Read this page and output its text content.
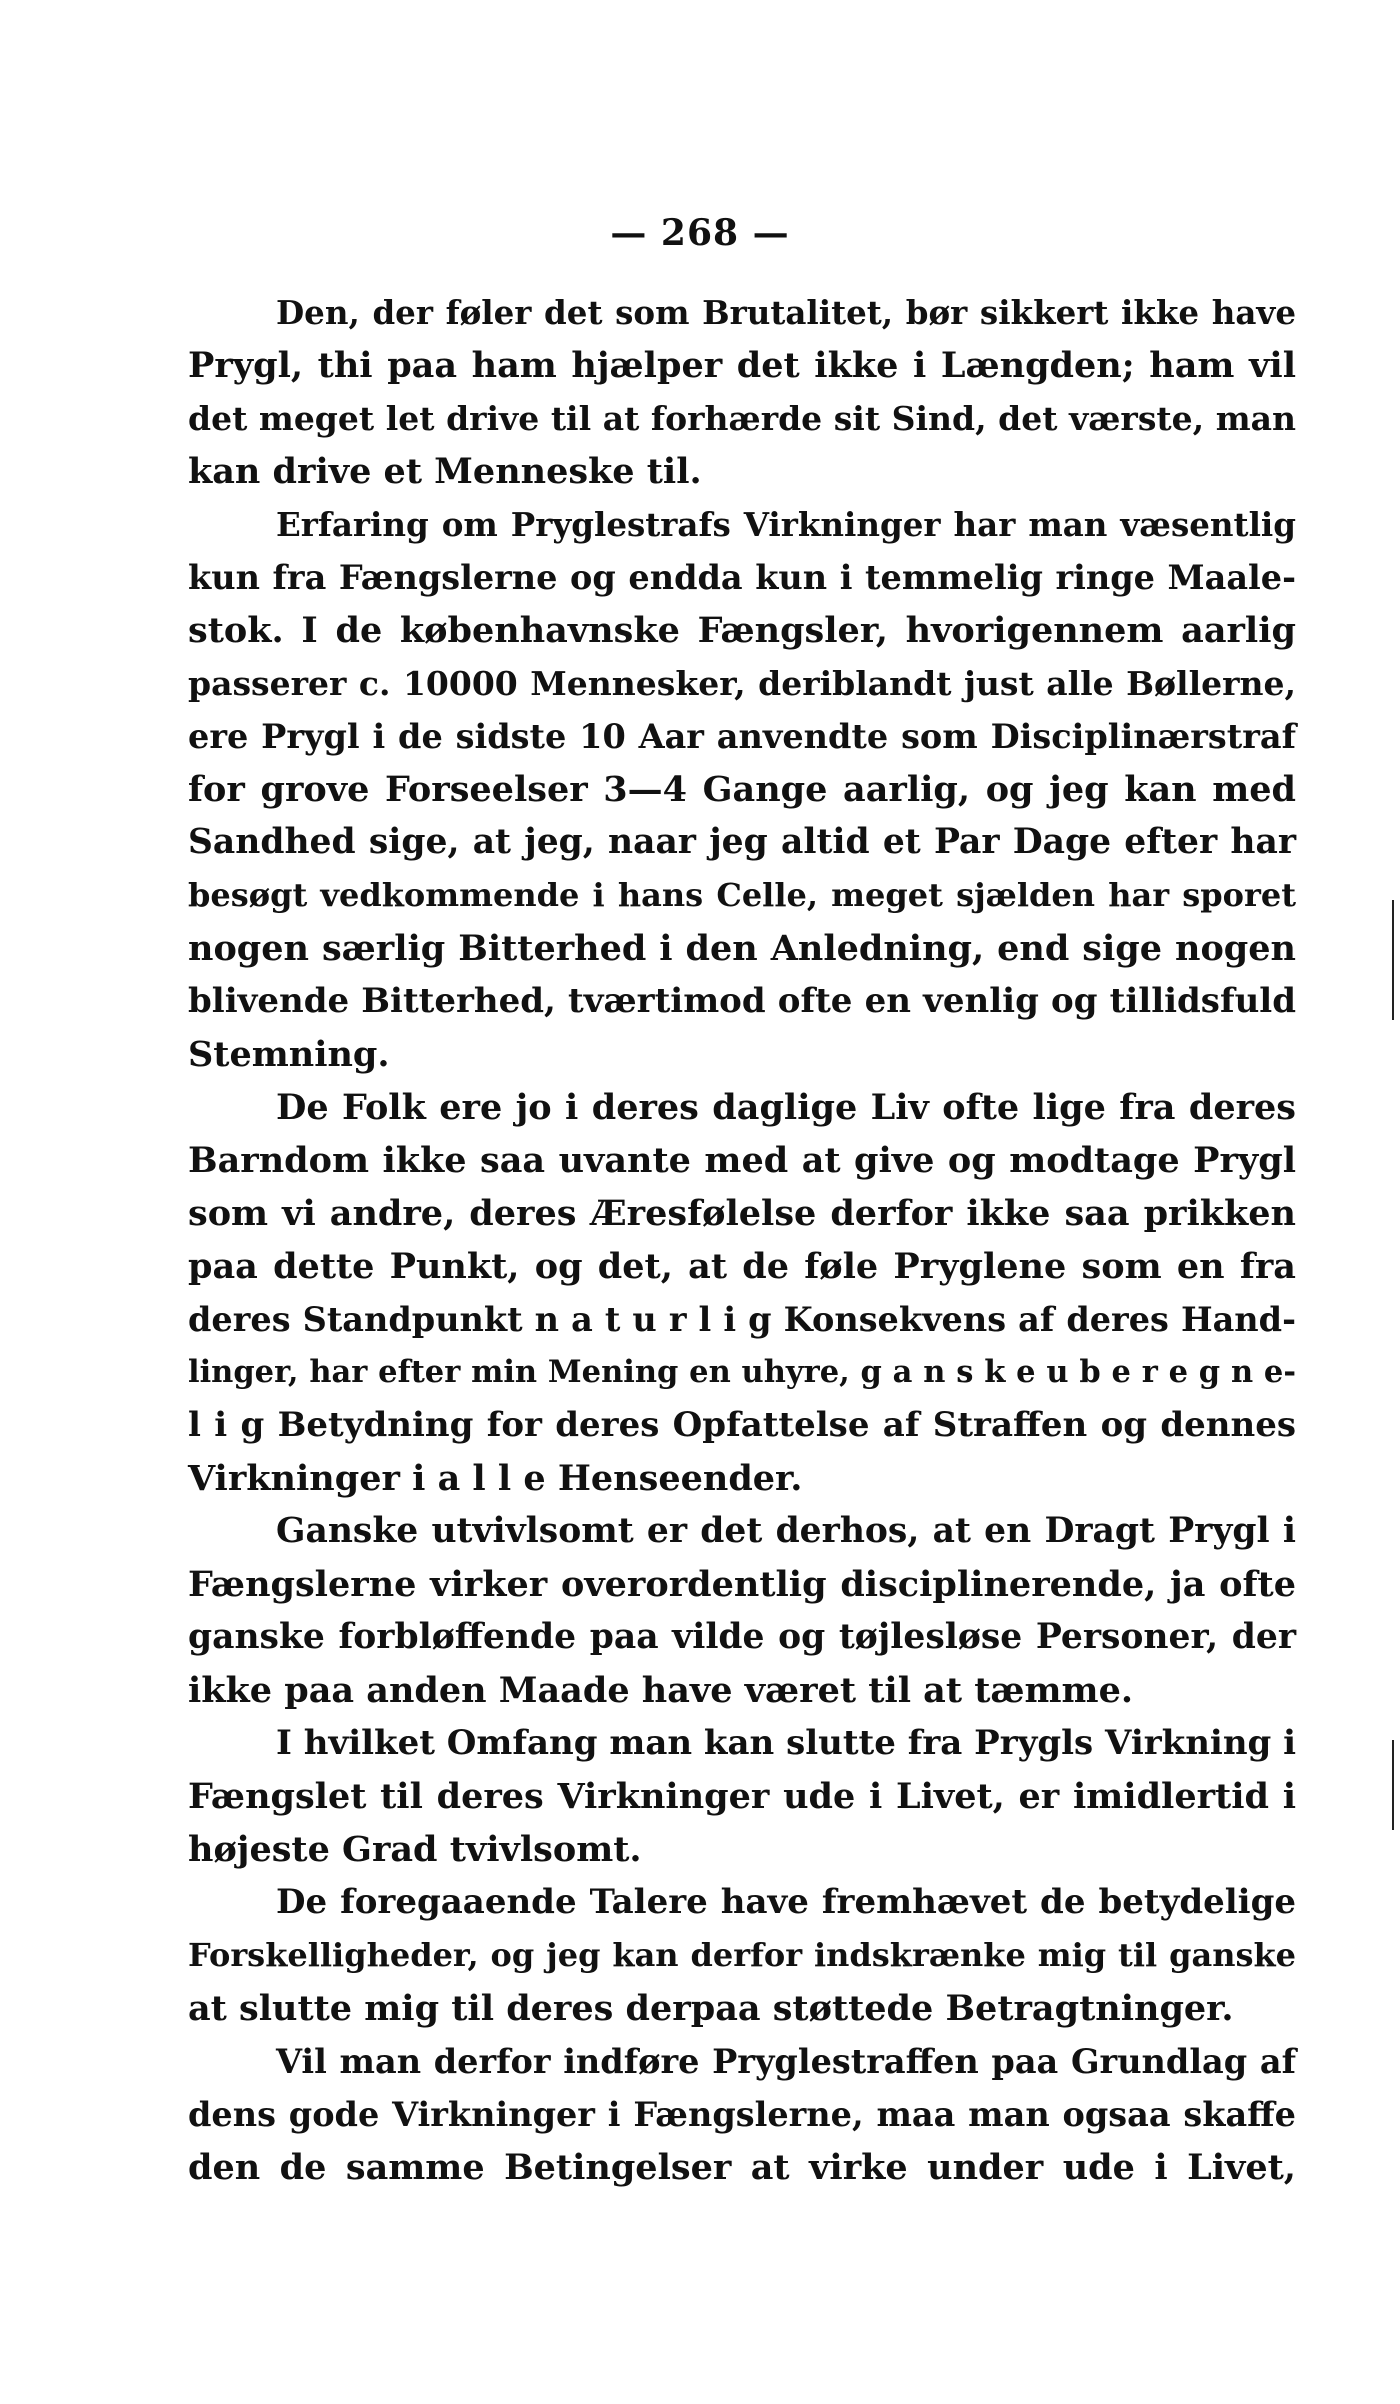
— 268 —
Den, der føler det som Brutalitet, bør sikkert ikke have
Prygl, thi paa ham hjælper det ikke i Længden; ham vil
det meget let drive til at forhærde sit Sind, det værste, man
kan drive et Menneske til.
Erfaring om Pryglestrafs Virkninger har man væsentlig
kun fra Fængslerne og endda kun i temmelig ringe Maale-
stok. I de københavnske Fængsler, hvorigennem aarlig
passerer c. 10000 Mennesker, deriblandt just alle Bøllerne,
ere Prygl i de sidste 10 Aar anvendte som Disciplinærstraf
for grove Forseelser 3—4 Gange aarlig, og jeg kan med
Sandhed sige, at jeg, naar jeg altid et Par Dage efter har
besøgt vedkommende i hans Celle, meget sjælden har sporet
nogen særlig Bitterhed i den Anledning, end sige nogen
blivende Bitterhed, tværtimod ofte en venlig og tillidsfuld
Stemning.
De Folk ere jo i deres daglige Liv ofte lige fra deres
Barndom ikke saa uvante med at give og modtage Prygl
som vi andre, deres Æresfølelse derfor ikke saa prikken
paa dette Punkt, og det, at de føle Pryglene som en fra
deres Standpunkt n a t u r l i g Konsekvens af deres Hand-
linger, har efter min Mening en uhyre, g a n s k e u b e r e g n e-
l i g Betydning for deres Opfattelse af Straffen og dennes
Virkninger i a l l e Henseender.
Ganske utvivlsomt er det derhos, at en Dragt Prygl i
Fængslerne virker overordentlig disciplinerende, ja ofte
ganske forbløffende paa vilde og tøjlesløse Personer, der
ikke paa anden Maade have været til at tæmme.
I hvilket Omfang man kan slutte fra Prygls Virkning i
Fængslet til deres Virkninger ude i Livet, er imidlertid i
højeste Grad tvivlsomt.
De foregaaende Talere have fremhævet de betydelige
Forskelligheder, og jeg kan derfor indskrænke mig til ganske
at slutte mig til deres derpaa støttede Betragtninger.
Vil man derfor indføre Pryglestraffen paa Grundlag af
dens gode Virkninger i Fængslerne, maa man ogsaa skaffe
den de samme Betingelser at virke under ude i Livet,
